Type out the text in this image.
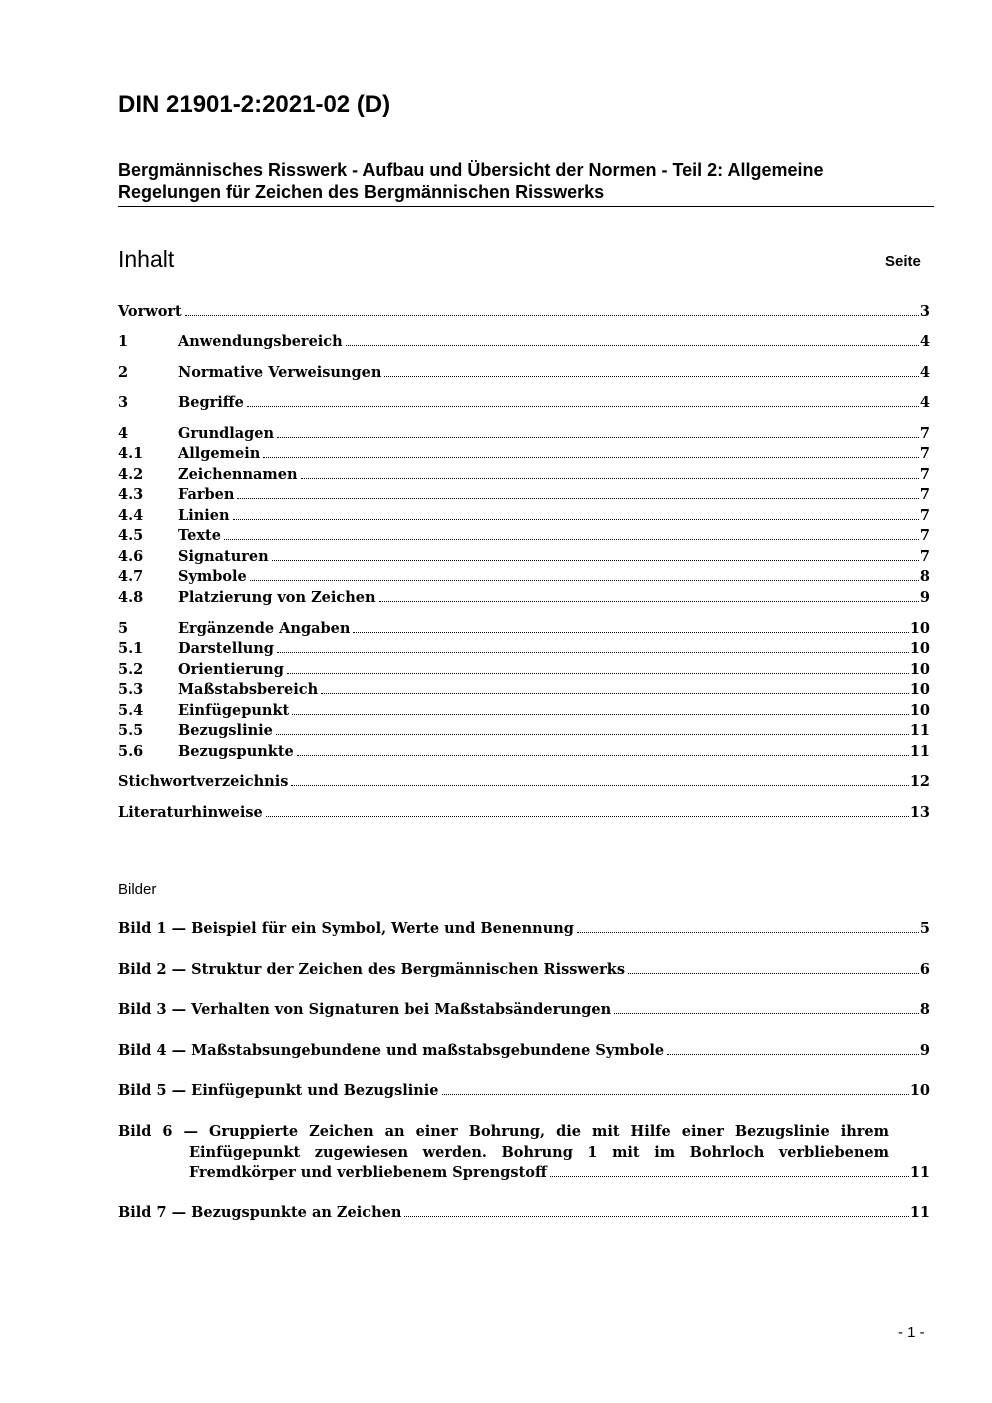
DIN 21901-2:2021-02 (D)
Bergmännisches Risswerk - Aufbau und Übersicht der Normen - Teil 2: Allgemeine
Regelungen für Zeichen des Bergmännischen Risswerks
Inhalt	Seite
Vorwort	3
1	Anwendungsbereich	4
2	Normative Verweisungen	4
3	Begriffe	4
4	Grundlagen	7
4.1	Allgemein	7
4.2	Zeichennamen	7
4.3	Farben	7
4.4	Linien	7
4.5	Texte	7
4.6	Signaturen	7
4.7	Symbole	8
4.8	Platzierung von Zeichen	9
5	Ergänzende Angaben	10
5.1	Darstellung	10
5.2	Orientierung	10
5.3	Maßstabsbereich	10
5.4	Einfügepunkt	10
5.5	Bezugslinie	11
5.6	Bezugspunkte	11
Stichwortverzeichnis	12
Literaturhinweise	13
Bilder
Bild 1 — Beispiel für ein Symbol, Werte und Benennung	5
Bild 2 — Struktur der Zeichen des Bergmännischen Risswerks	6
Bild 3 — Verhalten von Signaturen bei Maßstabsänderungen	8
Bild 4 — Maßstabsungebundene und maßstabsgebundene Symbole	9
Bild 5 — Einfügepunkt und Bezugslinie	10
Bild 6 — Gruppierte Zeichen an einer Bohrung, die mit Hilfe einer Bezugslinie ihrem
Einfügepunkt zugewiesen werden. Bohrung 1 mit im Bohrloch verbliebenem
Fremdkörper und verbliebenem Sprengstoff	11
Bild 7 — Bezugspunkte an Zeichen	11
- 1 -
